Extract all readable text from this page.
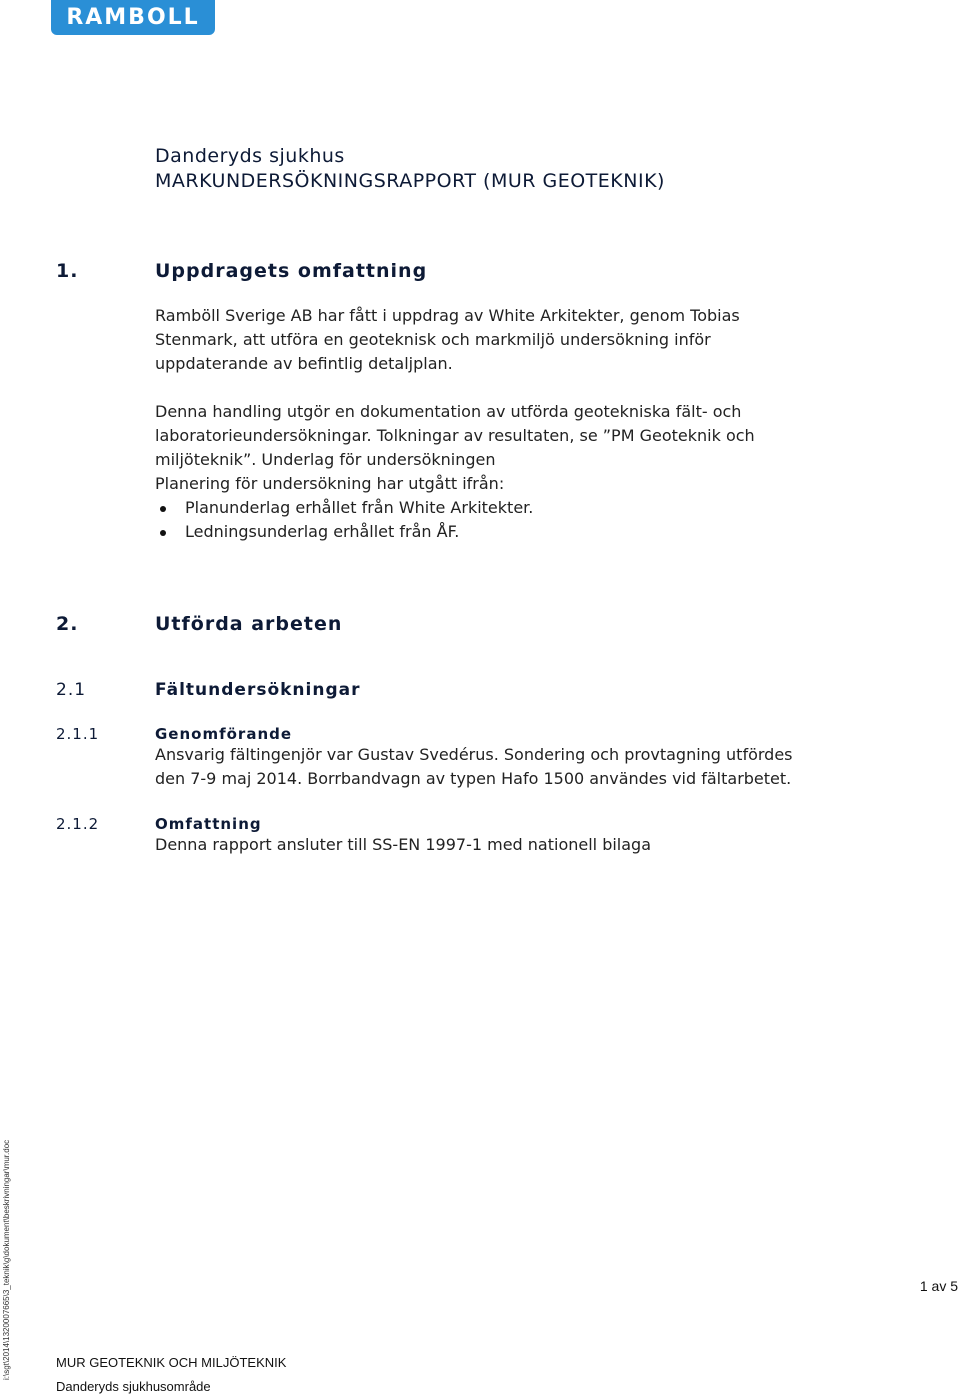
RAMBOLL
Danderyds sjukhus
MARKUNDERSÖKNINGSRAPPORT (MUR GEOTEKNIK)
1.	Uppdragets omfattning
Ramböll Sverige AB har fått i uppdrag av White Arkitekter, genom Tobias
Stenmark, att utföra en geoteknisk och markmiljö undersökning inför
uppdaterande av befintlig detaljplan.
Denna handling utgör en dokumentation av utförda geotekniska fält- och
laboratorieundersökningar. Tolkningar av resultaten, se ”PM Geoteknik och
miljöteknik”. Underlag för undersökningen
Planering för undersökning har utgått ifrån:
Planunderlag erhållet från White Arkitekter.
Ledningsunderlag erhållet från ÅF.
2.	Utförda arbeten
2.1	Fältundersökningar
2.1.1	Genomförande
Ansvarig fältingenjör var Gustav Svedérus. Sondering och provtagning utfördes
den 7-9 maj 2014. Borrbandvagn av typen Hafo 1500 användes vid fältarbetet.
2.1.2	Omfattning
Denna rapport ansluter till SS-EN 1997-1 med nationell bilaga
i:\sgt\2014\1320007665\3_teknik\g\dokument\beskrivningar\mur.doc	1 av 5
MUR GEOTEKNIK OCH MILJÖTEKNIK
Danderyds sjukhusområde
